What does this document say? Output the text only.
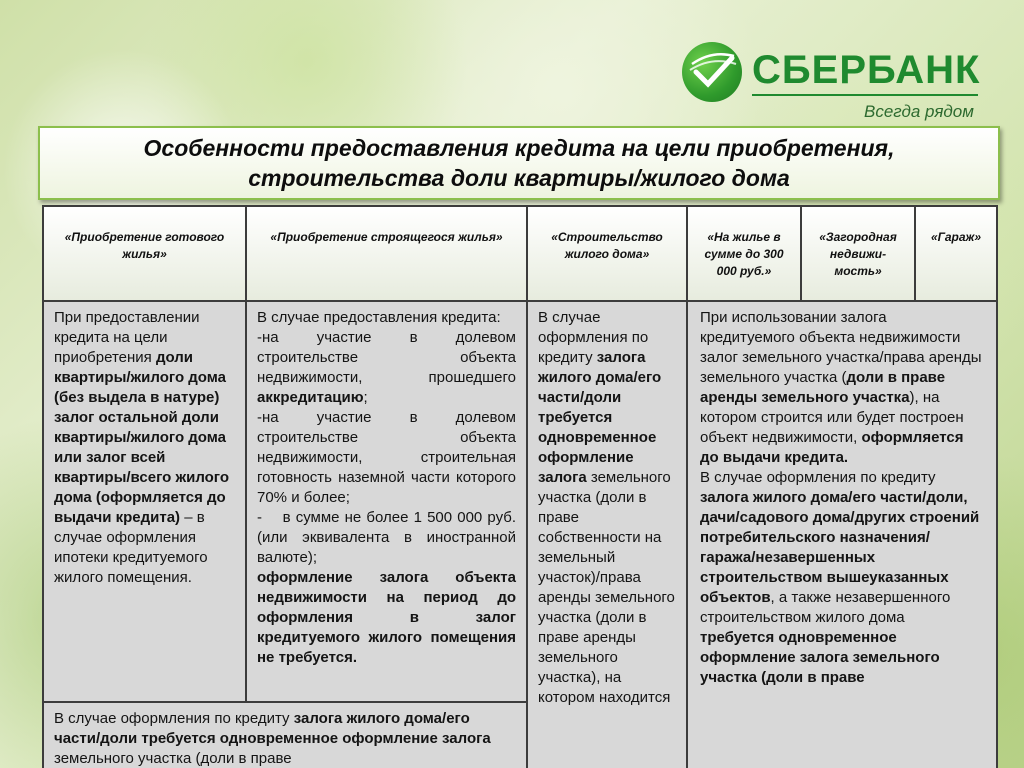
СБЕРБАНК
Всегда рядом
Особенности предоставления кредита на цели приобретения,
строительства доли квартиры/жилого дома
«Приобретение готового жилья»
«Приобретение строящегося жилья»	«Строительство жилого дома»
«На жилье в сумме до 300 000 руб.»
«Загородная недвижи-мость»
«Гараж»
При предоставлении кредита на цели приобретения доли квартиры/жилого дома (без выдела в натуре) залог остальной доли квартиры/жилого дома или залог всей квартиры/всего жилого дома (оформляется до выдачи кредита) – в случае оформления ипотеки кредитуемого жилого помещения.

В случае предоставления кредита:

-на участие в долевом строительстве объекта недвижимости, прошедшего аккредитацию;

-на участие в долевом строительстве объекта недвижимости, строительная готовность наземной части которого 70% и более;

- в сумме не более 1 500 000 руб. (или эквивалента в иностранной валюте);

оформление залога объекта недвижимости на период до оформления в залог кредитуемого жилого помещения не требуется.

В случае оформления по кредиту залога жилого дома/его части/доли требуется одновременное оформление залога земельного участка (доли в праве
В случае оформления по кредиту залога жилого дома/его части/доли требуется одновременное оформление залога земельного участка (доли в праве собственности на земельный участок)/права аренды земельного участка (доли в праве аренды земельного участка), на котором находится

При использовании залога кредитуемого объекта недвижимости залог земельного участка/права аренды земельного участка (доли в праве аренды земельного участка), на котором строится или будет построен объект недвижимости, оформляется до выдачи кредита.

В случае оформления по кредиту залога жилого дома/его части/доли, дачи/садового дома/других строений потребительского назначения/гаража/незавершенных строительством вышеуказанных объектов, а также незавершенного строительством жилого дома требуется одновременное оформление залога земельного участка (доли в праве
